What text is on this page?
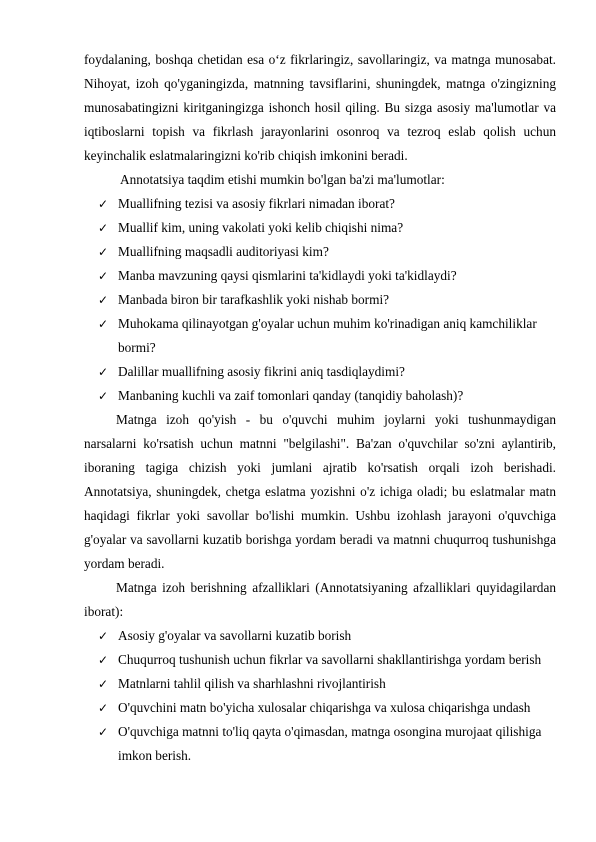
foydalaning, boshqa chetidan esa o‘z fikrlaringiz, savollaringiz, va matnga munosabat. Nihoyat, izoh qo'yganingizda, matnning tavsiflarini, shuningdek, matnga o'zingizning munosabatingizni kiritganingizga ishonch hosil qiling. Bu sizga asosiy ma'lumotlar va iqtiboslarni topish va fikrlash jarayonlarini osonroq va tezroq eslab qolish uchun keyinchalik eslatmalaringizni ko'rib chiqish imkonini beradi.

Annotatsiya taqdim etishi mumkin bo'lgan ba'zi ma'lumotlar:

✓ Muallifning tezisi va asosiy fikrlari nimadan iborat?
✓ Muallif kim, uning vakolati yoki kelib chiqishi nima?
✓ Muallifning maqsadli auditoriyasi kim?
✓ Manba mavzuning qaysi qismlarini ta'kidlaydi yoki ta'kidlaydi?
✓ Manbada biron bir tarafkashlik yoki nishab bormi?
✓ Muhokama qilinayotgan g'oyalar uchun muhim ko'rinadigan aniq kamchiliklar bormi?
✓ Dalillar muallifning asosiy fikrini aniq tasdiqlaydimi?
✓ Manbaning kuchli va zaif tomonlari qanday (tanqidiy baholash)?

Matnga izoh qo'yish - bu o'quvchi muhim joylarni yoki tushunmaydigan narsalarni ko'rsatish uchun matnni "belgilashi". Ba'zan o'quvchilar so'zni aylantirib, iboraning tagiga chizish yoki jumlani ajratib ko'rsatish orqali izoh berishadi. Annotatsiya, shuningdek, chetga eslatma yozishni o'z ichiga oladi; bu eslatmalar matn haqidagi fikrlar yoki savollar bo'lishi mumkin. Ushbu izohlash jarayoni o'quvchiga g'oyalar va savollarni kuzatib borishga yordam beradi va matnni chuqurroq tushunishga yordam beradi.

Matnga izoh berishning afzalliklari (Annotatsiyaning afzalliklari quyidagilardan iborat):

✓ Asosiy g'oyalar va savollarni kuzatib borish
✓ Chuqurroq tushunish uchun fikrlar va savollarni shakllantirishga yordam berish
✓ Matnlarni tahlil qilish va sharhlashni rivojlantirish
✓ O'quvchini matn bo'yicha xulosalar chiqarishga va xulosa chiqarishga undash
✓ O'quvchiga matnni to'liq qayta o'qimasdan, matnga osongina murojaat qilishiga imkon berish.
